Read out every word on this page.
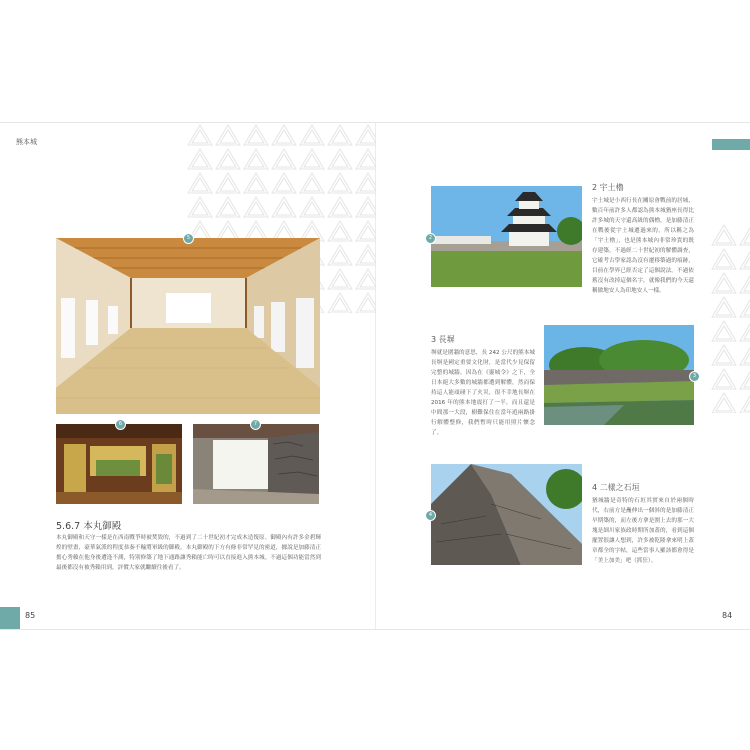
熊本城
5
6	7
5.6.7 本丸御殿
本丸御殿和天守一樣是在西南戰爭時被焚毀的，不過到了二十世紀初才完成木造復原。御殿內有許多金碧輝煌的壁畫，豪華氣派的程度恭秦不輸將軍級的御殿。本丸御殿的下方有條非常罕見的密道，據說是加藤清正擔心秀賴在他身後遭逢不測，特別修築了地下通路讓秀賴能亡時可以直接進入熊本城。不過這個功能當然到最後都沒有被秀賴用到，評價大家就繼續往後看了。
85
2
2 宇土櫓
宇土城是小西行長在關原會戰前的居城，數百年前許多人都認為熊本城猶座長得比許多城的天守還高級的偶櫓，是加藤清正在戰後從宇土城遷過來的，所以稱之為「宇土櫓」，也是熊本城內非常珍貴的既存建築。不過經二十世紀初的解體調查，它確考古學家認為沒有遷移築過的痕跡，目前在學界已經否定了這個說法。不過依舊沒有改掉這個名字，就像我們的今天還稱做地安人為印地安人一樣。
3
3 長塀
塀就是圍牆的意思，長 242 公尺的熊本城長塀是國定重要文化財，是當代少見保留完整的城牆。因為在《靈城令》之下，全日本絕大多數的城牆都遭到解體，然而保持這人能頑碰下了火災，很不幸地長塀在 2016 年的熊本地震打了一半，而且還是中間那一大段，樹難保住在當年遊兩路掛行解體整修，我們暫時只能用照片懷念了。
4
4 二樣之石垣
猶城牆是奇特的石垣其實來自於兩個時代，右前方是矗伸出一個斜的是加藤清正早期築的，而左後方拿是圍上去的那一大塊是細川家族政時期所加蓋的，看到這個擺置很讓人想到，許多被乾隆拿來明上蓋章都全的字帖，這些當事人羅該都會得是「美上加美」吧（抓狂）。
84
